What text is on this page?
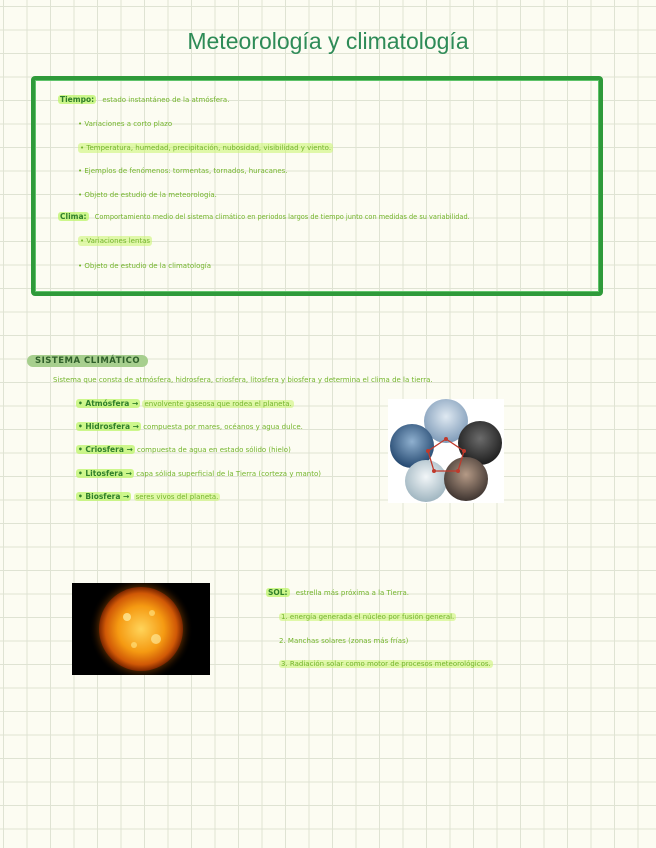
Meteorología y climatología
Tiempo: estado instantáneo de la atmósfera.
• Variaciones a corto plazo
• Temperatura, humedad, precipitación, nubosidad, visibilidad y viento.
• Ejemplos de fenómenos: tormentas, tornados, huracanes.
• Objeto de estudio de la meteorología.
Clima: Comportamiento medio del sistema climático en periodos largos de tiempo junto con medidas de su variabilidad.
• Variaciones lentas
• Objeto de estudio de la climatología
SISTEMA CLIMÁTICO
Sistema que consta de atmósfera, hidrosfera, criosfera, litosfera y biosfera y determina el clima de la tierra.
• Atmósfera → envolvente gaseosa que rodea el planeta.
• Hidrosfera → compuesta por mares, océanos y agua dulce.
• Criosfera → compuesta de agua en estado sólido (hielo)
• Litosfera → capa sólida superficial de la Tierra (corteza y manto)
• Biosfera → seres vivos del planeta.
SOL: estrella más próxima a la Tierra.
1. energía generada el núcleo por fusión general.
2. Manchas solares (zonas más frías)
3. Radiación solar como motor de procesos meteorológicos.
